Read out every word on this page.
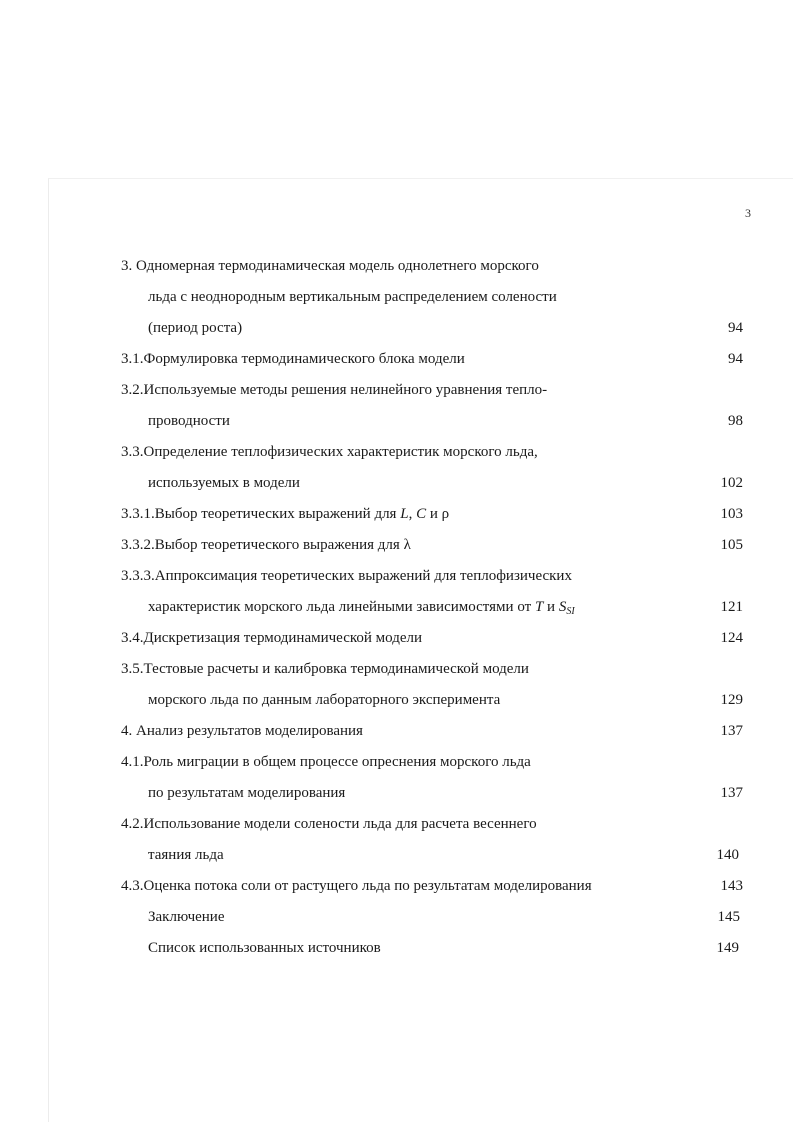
3
3. Одномерная термодинамическая модель однолетнего морского
льда с неоднородным вертикальным распределением солености
(период роста)	94
3.1.Формулировка термодинамического блока модели	94
3.2.Используемые методы решения нелинейного уравнения тепло-
проводности	98
3.3.Определение теплофизических характеристик морского льда,
используемых в модели	102
3.3.1.Выбор теоретических выражений для L, C и ρ	103
3.3.2.Выбор теоретического выражения для λ	105
3.3.3.Аппроксимация теоретических выражений для теплофизических
характеристик морского льда линейными зависимостями от T и $S_{SI}$	121
3.4.Дискретизация термодинамической модели	124
3.5.Тестовые расчеты и калибровка термодинамической модели
морского льда по данным лабораторного эксперимента	129
4. Анализ результатов моделирования	137
4.1.Роль миграции в общем процессе опреснения морского льда
по результатам моделирования	137
4.2.Использование модели солености льда для расчета весеннего
таяния льда	140
4.3.Оценка потока соли от растущего льда по результатам моделирования	143
Заключение	145
Список использованных источников	149
